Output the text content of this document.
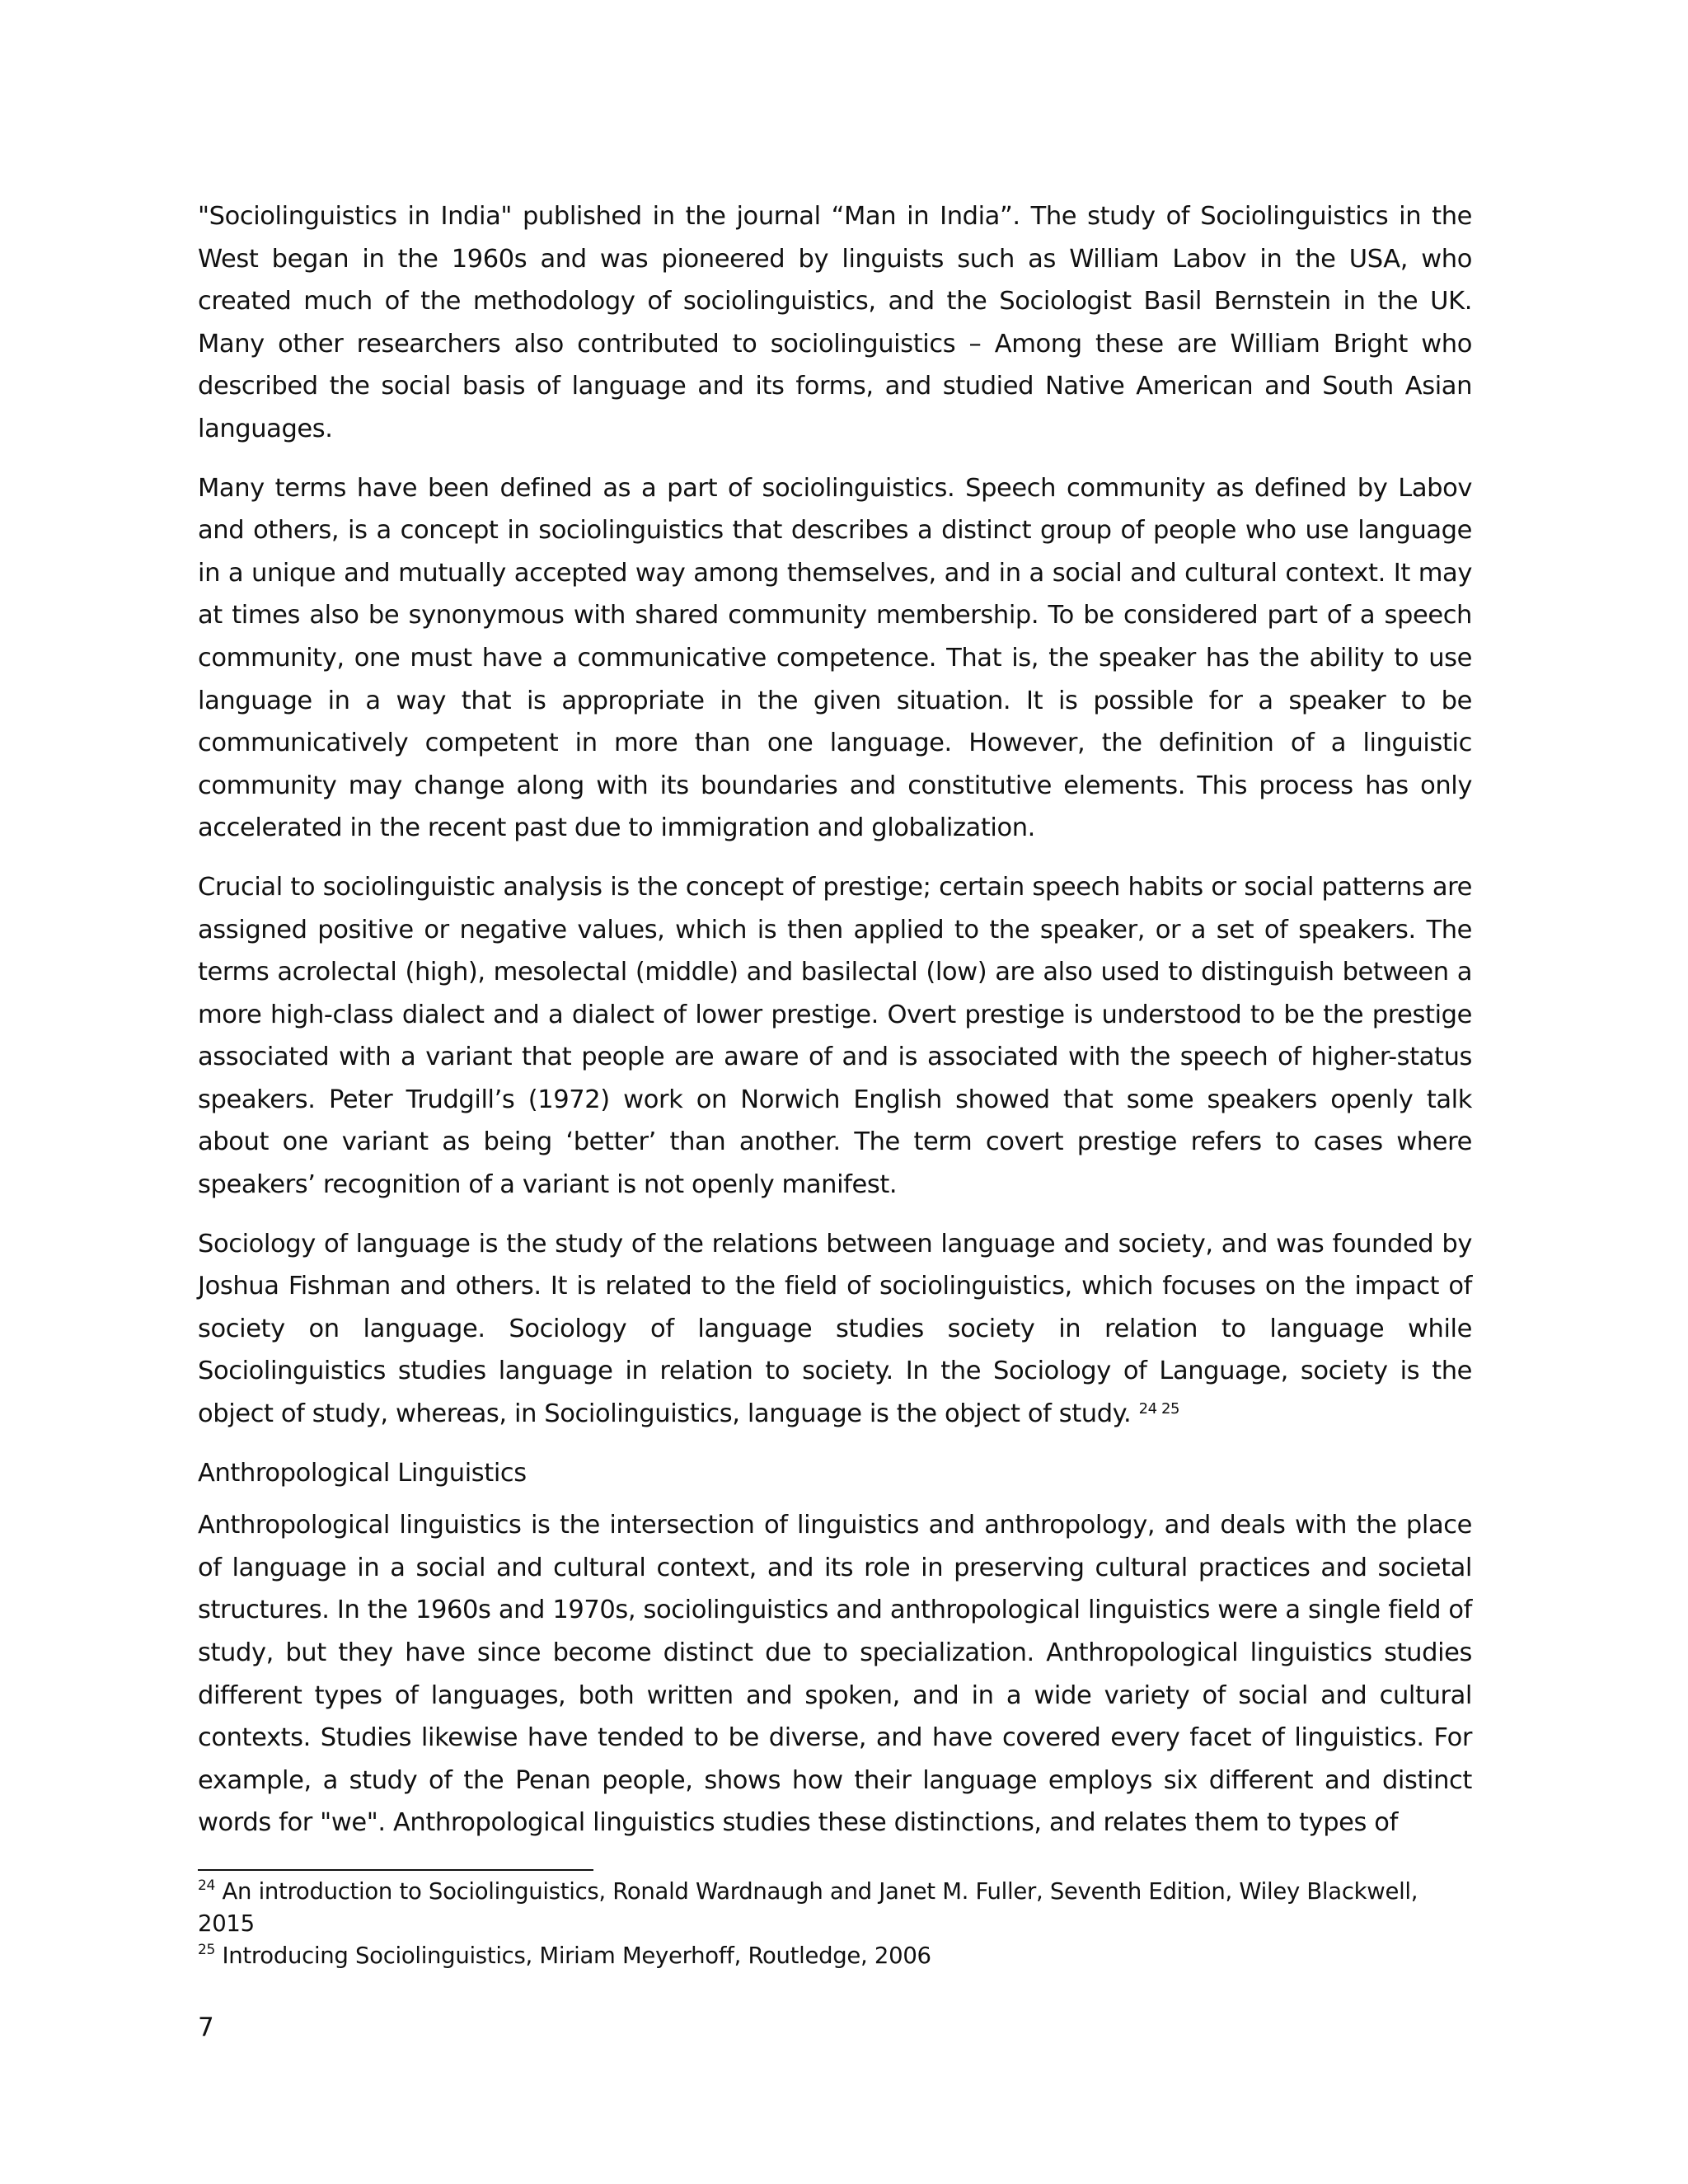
"Sociolinguistics in India" published in the journal “Man in India”. The study of Sociolinguistics in the West began in the 1960s and was pioneered by linguists such as William Labov in the USA, who created much of the methodology of sociolinguistics, and the Sociologist Basil Bernstein in the UK. Many other researchers also contributed to sociolinguistics – Among these are William Bright who described the social basis of language and its forms, and studied Native American and South Asian languages.

Many terms have been defined as a part of sociolinguistics. Speech community as defined by Labov and others, is a concept in sociolinguistics that describes a distinct group of people who use language in a unique and mutually accepted way among themselves, and in a social and cultural context. It may at times also be synonymous with shared community membership. To be considered part of a speech community, one must have a communicative competence. That is, the speaker has the ability to use language in a way that is appropriate in the given situation. It is possible for a speaker to be communicatively competent in more than one language. However, the definition of a linguistic community may change along with its boundaries and constitutive elements. This process has only accelerated in the recent past due to immigration and globalization.

Crucial to sociolinguistic analysis is the concept of prestige; certain speech habits or social patterns are assigned positive or negative values, which is then applied to the speaker, or a set of speakers. The terms acrolectal (high), mesolectal (middle) and basilectal (low) are also used to distinguish between a more high-class dialect and a dialect of lower prestige. Overt prestige is understood to be the prestige associated with a variant that people are aware of and is associated with the speech of higher-status speakers. Peter Trudgill’s (1972) work on Norwich English showed that some speakers openly talk about one variant as being ‘better’ than another. The term covert prestige refers to cases where speakers’ recognition of a variant is not openly manifest.

Sociology of language is the study of the relations between language and society, and was founded by Joshua Fishman and others. It is related to the field of sociolinguistics, which focuses on the impact of society on language. Sociology of language studies society in relation to language while Sociolinguistics studies language in relation to society. In the Sociology of Language, society is the object of study, whereas, in Sociolinguistics, language is the object of study. $^{24 25}$

Anthropological Linguistics

Anthropological linguistics is the intersection of linguistics and anthropology, and deals with the place of language in a social and cultural context, and its role in preserving cultural practices and societal structures. In the 1960s and 1970s, sociolinguistics and anthropological linguistics were a single field of study, but they have since become distinct due to specialization. Anthropological linguistics studies different types of languages, both written and spoken, and in a wide variety of social and cultural contexts. Studies likewise have tended to be diverse, and have covered every facet of linguistics. For example, a study of the Penan people, shows how their language employs six different and distinct words for "we". Anthropological linguistics studies these distinctions, and relates them to types of

$^{24}$ An introduction to Sociolinguistics, Ronald Wardnaugh and Janet M. Fuller, Seventh Edition, Wiley Blackwell, 2015

$^{25}$ Introducing Sociolinguistics, Miriam Meyerhoff, Routledge, 2006

7
